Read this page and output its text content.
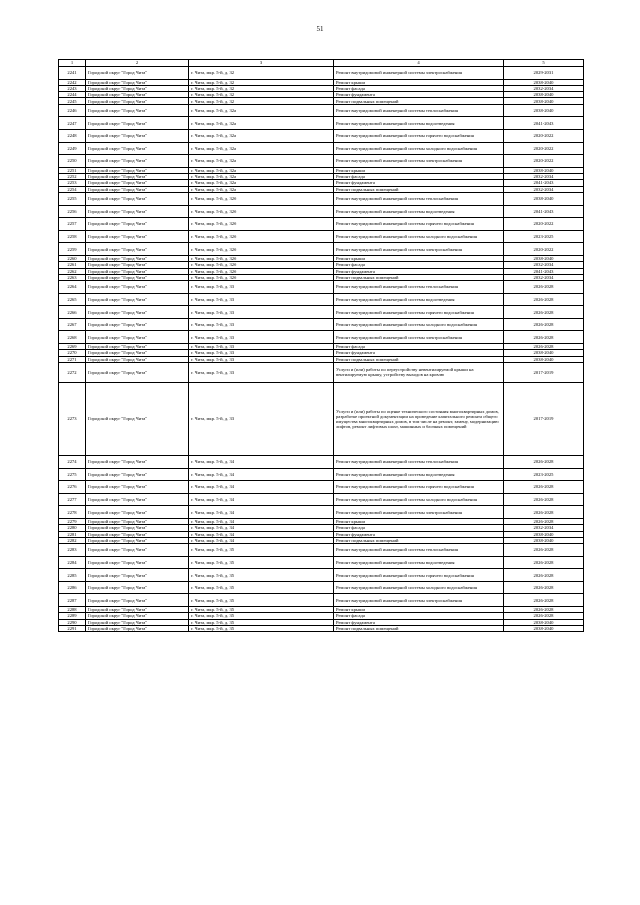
51
1	2	3	4	5
2241	Городской округ "Город Чита"	г. Чита, мкр. 5-й, д. 32	Ремонт внутридомовой инженерной системы электроснабжения	2029-2031
2242	Городской округ "Город Чита"	г. Чита, мкр. 5-й, д. 32	Ремонт крыши	2038-2040
2243	Городской округ "Город Чита"	г. Чита, мкр. 5-й, д. 32	Ремонт фасада	2032-2034
2244	Городской округ "Город Чита"	г. Чита, мкр. 5-й, д. 32	Ремонт фундамента	2038-2040
2245	Городской округ "Город Чита"	г. Чита, мкр. 5-й, д. 32	Ремонт подвальных помещений	2038-2040
2246	Городской округ "Город Чита"	г. Чита, мкр. 5-й, д. 32а	Ремонт внутридомовой инженерной системы теплоснабжения	2038-2040
2247	Городской округ "Город Чита"	г. Чита, мкр. 5-й, д. 32а	Ремонт внутридомовой инженерной системы водоотведения	2041-2043
2248	Городской округ "Город Чита"	г. Чита, мкр. 5-й, д. 32а	Ремонт внутридомовой инженерной системы горячего водоснабжения	2020-2022
2249	Городской округ "Город Чита"	г. Чита, мкр. 5-й, д. 32а	Ремонт внутридомовой инженерной системы холодного водоснабжения	2020-2022
2250	Городской округ "Город Чита"	г. Чита, мкр. 5-й, д. 32а	Ремонт внутридомовой инженерной системы электроснабжения	2020-2022
2251	Городской округ "Город Чита"	г. Чита, мкр. 5-й, д. 32а	Ремонт крыши	2038-2040
2252	Городской округ "Город Чита"	г. Чита, мкр. 5-й, д. 32а	Ремонт фасада	2032-2034
2253	Городской округ "Город Чита"	г. Чита, мкр. 5-й, д. 32а	Ремонт фундамента	2041-2043
2254	Городской округ "Город Чита"	г. Чита, мкр. 5-й, д. 32а	Ремонт подвальных помещений	2032-2034
2255	Городской округ "Город Чита"	г. Чита, мкр. 5-й, д. 32б	Ремонт внутридомовой инженерной системы теплоснабжения	2038-2040
2256	Городской округ "Город Чита"	г. Чита, мкр. 5-й, д. 32б	Ремонт внутридомовой инженерной системы водоотведения	2041-2043
2257	Городской округ "Город Чита"	г. Чита, мкр. 5-й, д. 32б	Ремонт внутридомовой инженерной системы горячего водоснабжения	2020-2022
2258	Городской округ "Город Чита"	г. Чита, мкр. 5-й, д. 32б	Ремонт внутридомовой инженерной системы холодного водоснабжения	2023-2025
2259	Городской округ "Город Чита"	г. Чита, мкр. 5-й, д. 32б	Ремонт внутридомовой инженерной системы электроснабжения	2020-2022
2260	Городской округ "Город Чита"	г. Чита, мкр. 5-й, д. 32б	Ремонт крыши	2038-2040
2261	Городской округ "Город Чита"	г. Чита, мкр. 5-й, д. 32б	Ремонт фасада	2032-2034
2262	Городской округ "Город Чита"	г. Чита, мкр. 5-й, д. 32б	Ремонт фундамента	2041-2043
2263	Городской округ "Город Чита"	г. Чита, мкр. 5-й, д. 32б	Ремонт подвальных помещений	2032-2034
2264	Городской округ "Город Чита"	г. Чита, мкр. 5-й, д. 33	Ремонт внутридомовой инженерной системы теплоснабжения	2026-2028
2265	Городской округ "Город Чита"	г. Чита, мкр. 5-й, д. 33	Ремонт внутридомовой инженерной системы водоотведения	2026-2028
2266	Городской округ "Город Чита"	г. Чита, мкр. 5-й, д. 33	Ремонт внутридомовой инженерной системы горячего водоснабжения	2026-2028
2267	Городской округ "Город Чита"	г. Чита, мкр. 5-й, д. 33	Ремонт внутридомовой инженерной системы холодного водоснабжения	2026-2028
2268	Городской округ "Город Чита"	г. Чита, мкр. 5-й, д. 33	Ремонт внутридомовой инженерной системы электроснабжения	2026-2028
2269	Городской округ "Город Чита"	г. Чита, мкр. 5-й, д. 33	Ремонт фасада	2026-2028
2270	Городской округ "Город Чита"	г. Чита, мкр. 5-й, д. 33	Ремонт фундамента	2038-2040
2271	Городской округ "Город Чита"	г. Чита, мкр. 5-й, д. 33	Ремонт подвальных помещений	2038-2040
2272	Городской округ "Город Чита"	г. Чита, мкр. 5-й, д. 33	Услуги и (или) работы по переустройству невентилируемой крыши на вентилируемую крышу, устройству выходов на кровлю	2017-2019
2273	Городской округ "Город Чита"	г. Чита, мкр. 5-й, д. 33	Услуги и (или) работы по оценке технического состояния многоквартирных домов, разработке проектной документации на проведение капитального ремонта общего имущества многоквартирных домов, в том числе на ремонт, замену, модернизацию лифтов, ремонт лифтовых шахт, машинных и блочных помещений	2017-2019
2274	Городской округ "Город Чита"	г. Чита, мкр. 5-й, д. 34	Ремонт внутридомовой инженерной системы теплоснабжения	2026-2028
2275	Городской округ "Город Чита"	г. Чита, мкр. 5-й, д. 34	Ремонт внутридомовой инженерной системы водоотведения	2023-2025
2276	Городской округ "Город Чита"	г. Чита, мкр. 5-й, д. 34	Ремонт внутридомовой инженерной системы горячего водоснабжения	2026-2028
2277	Городской округ "Город Чита"	г. Чита, мкр. 5-й, д. 34	Ремонт внутридомовой инженерной системы холодного водоснабжения	2026-2028
2278	Городской округ "Город Чита"	г. Чита, мкр. 5-й, д. 34	Ремонт внутридомовой инженерной системы электроснабжения	2026-2028
2279	Городской округ "Город Чита"	г. Чита, мкр. 5-й, д. 34	Ремонт крыши	2026-2028
2280	Городской округ "Город Чита"	г. Чита, мкр. 5-й, д. 34	Ремонт фасада	2032-2034
2281	Городской округ "Город Чита"	г. Чита, мкр. 5-й, д. 34	Ремонт фундамента	2038-2040
2282	Городской округ "Город Чита"	г. Чита, мкр. 5-й, д. 34	Ремонт подвальных помещений	2038-2040
2283	Городской округ "Город Чита"	г. Чита, мкр. 5-й, д. 35	Ремонт внутридомовой инженерной системы теплоснабжения	2026-2028
2284	Городской округ "Город Чита"	г. Чита, мкр. 5-й, д. 35	Ремонт внутридомовой инженерной системы водоотведения	2026-2028
2285	Городской округ "Город Чита"	г. Чита, мкр. 5-й, д. 35	Ремонт внутридомовой инженерной системы горячего водоснабжения	2026-2028
2286	Городской округ "Город Чита"	г. Чита, мкр. 5-й, д. 35	Ремонт внутридомовой инженерной системы холодного водоснабжения	2026-2028
2287	Городской округ "Город Чита"	г. Чита, мкр. 5-й, д. 35	Ремонт внутридомовой инженерной системы электроснабжения	2026-2028
2288	Городской округ "Город Чита"	г. Чита, мкр. 5-й, д. 35	Ремонт крыши	2026-2028
2289	Городской округ "Город Чита"	г. Чита, мкр. 5-й, д. 35	Ремонт фасада	2026-2028
2290	Городской округ "Город Чита"	г. Чита, мкр. 5-й, д. 35	Ремонт фундамента	2038-2040
2291	Городской округ "Город Чита"	г. Чита, мкр. 5-й, д. 35	Ремонт подвальных помещений	2038-2040
